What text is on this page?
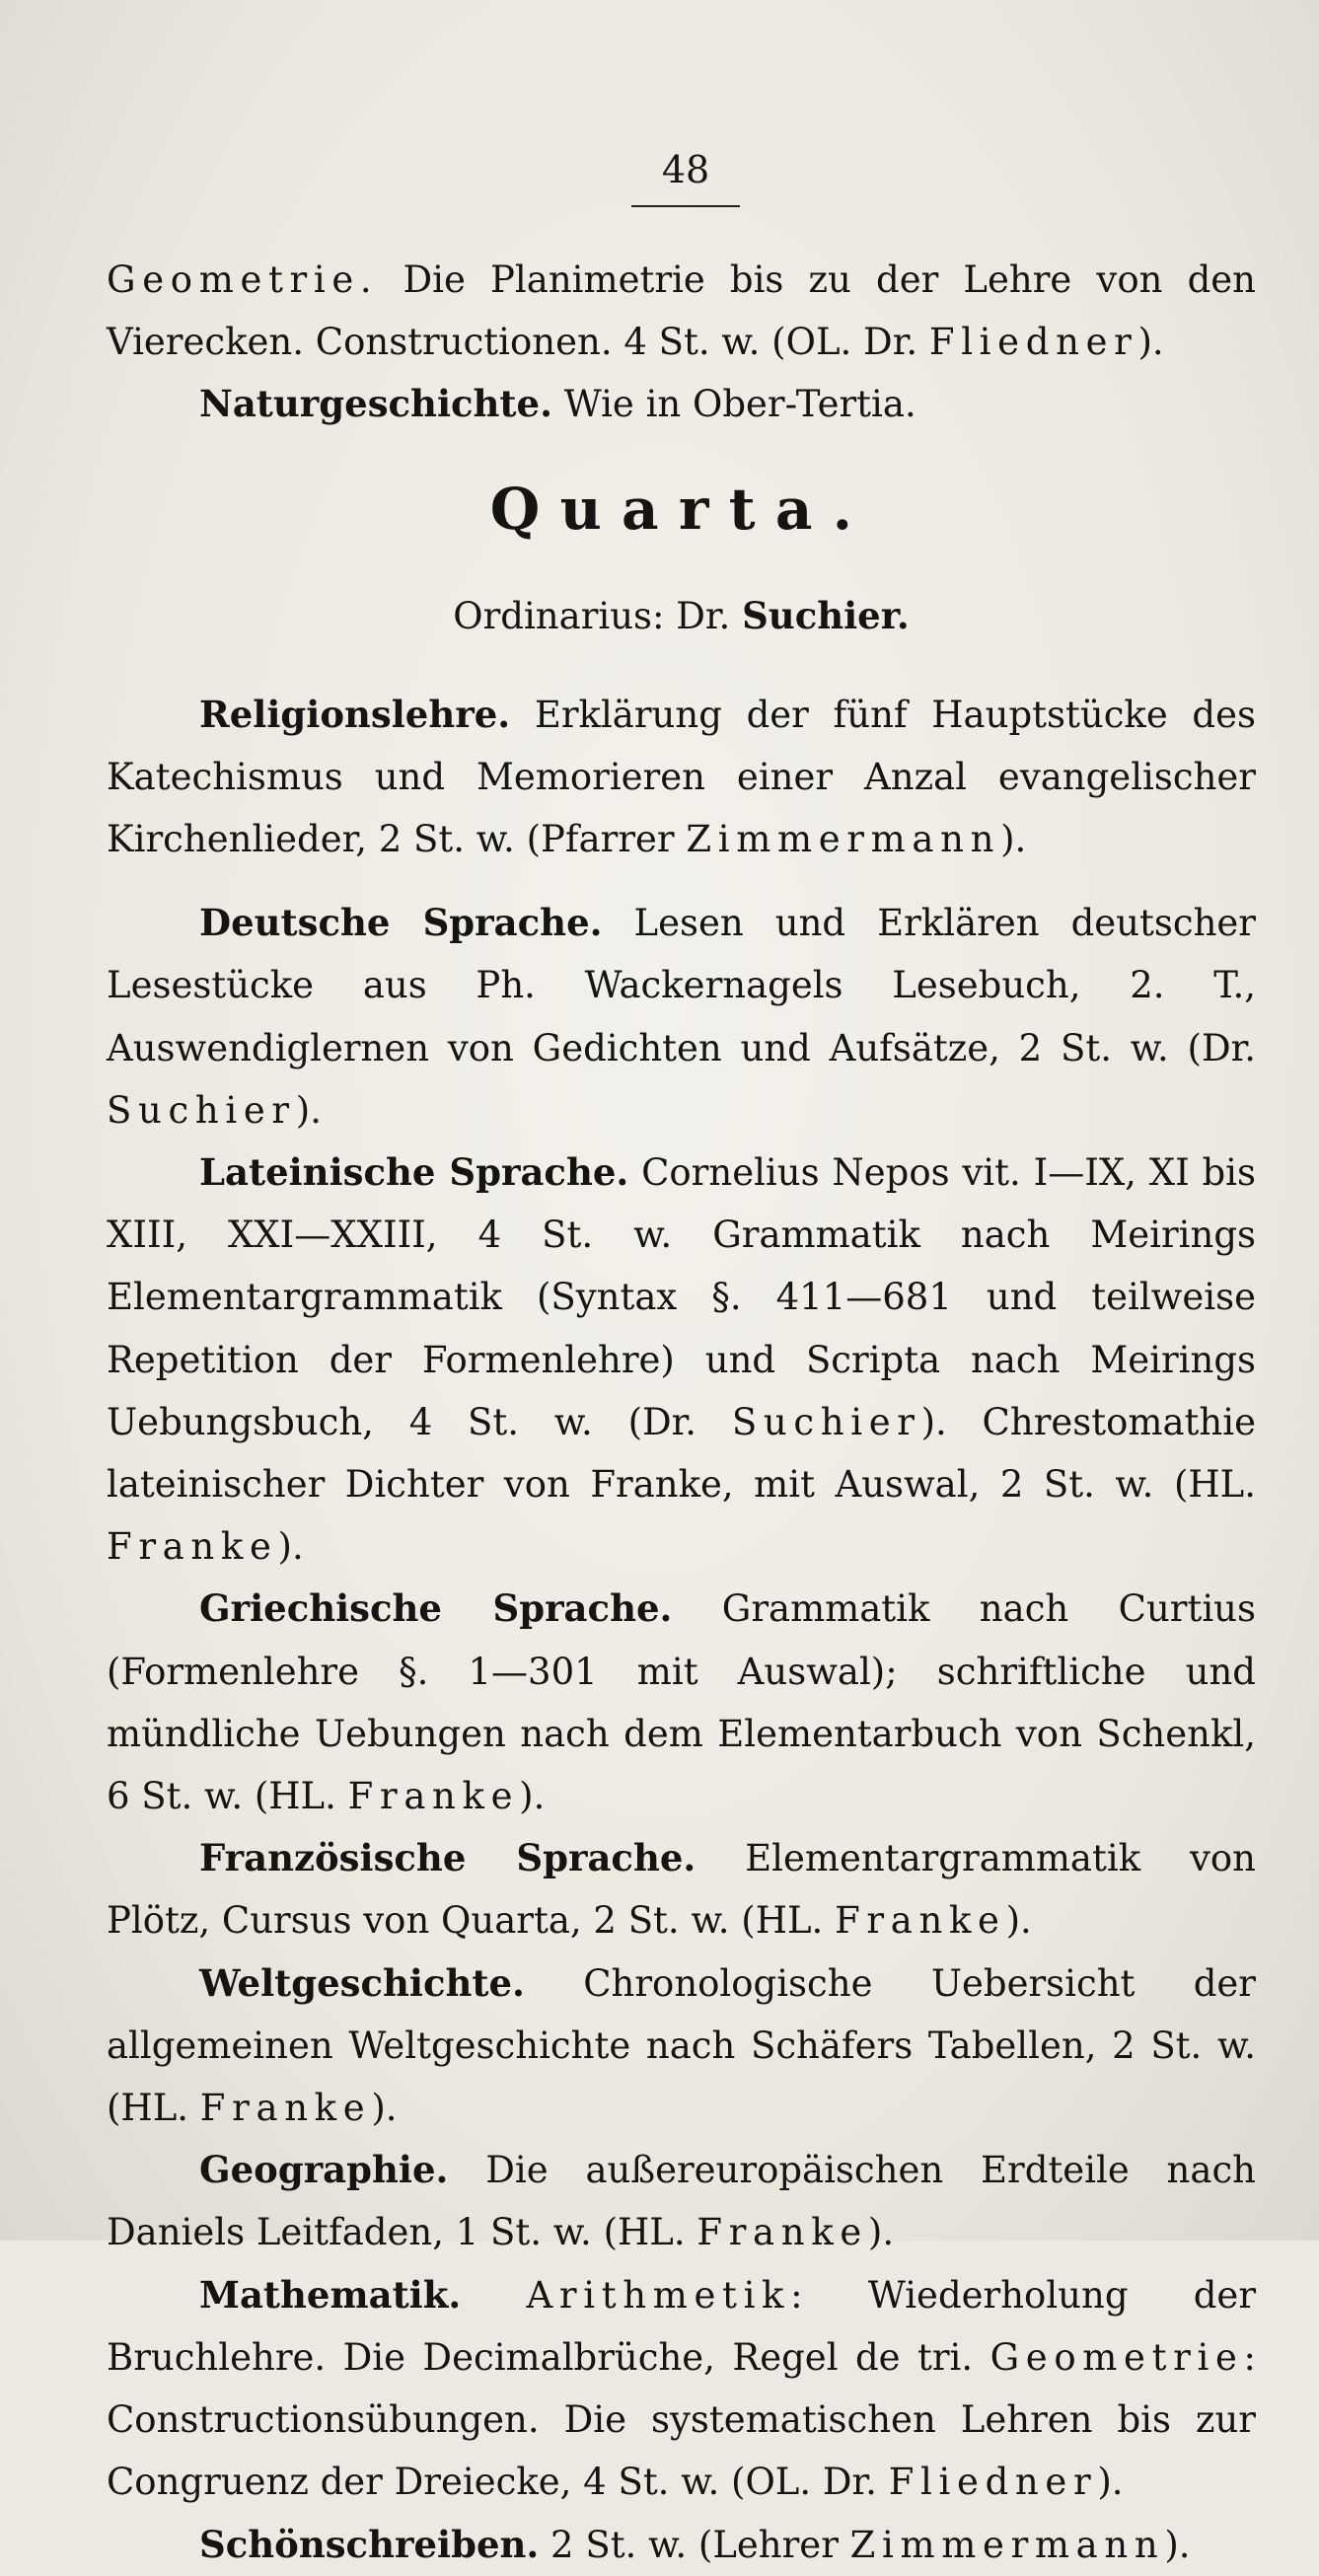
48

Geometrie. Die Planimetrie bis zu der Lehre von den Vierecken. Constructionen. 4 St. w. (OL. Dr. Fliedner).

Naturgeschichte. Wie in Ober-Tertia.

Quarta.

Ordinarius: Dr. Suchier.

Religionslehre. Erklärung der fünf Hauptstücke des Katechismus und Memorieren einer Anzal evangelischer Kirchenlieder, 2 St. w. (Pfarrer Zimmermann).

Deutsche Sprache. Lesen und Erklären deutscher Lesestücke aus Ph. Wackernagels Lesebuch, 2. T., Auswendiglernen von Gedichten und Aufsätze, 2 St. w. (Dr. Suchier).

Lateinische Sprache. Cornelius Nepos vit. I—IX, XI bis XIII, XXI—XXIII, 4 St. w. Grammatik nach Meirings Elementargrammatik (Syntax §. 411—681 und teilweise Repetition der Formenlehre) und Scripta nach Meirings Uebungsbuch, 4 St. w. (Dr. Suchier). Chrestomathie lateinischer Dichter von Franke, mit Auswal, 2 St. w. (HL. Franke).

Griechische Sprache. Grammatik nach Curtius (Formenlehre §. 1—301 mit Auswal); schriftliche und mündliche Uebungen nach dem Elementarbuch von Schenkl, 6 St. w. (HL. Franke).

Französische Sprache. Elementargrammatik von Plötz, Cursus von Quarta, 2 St. w. (HL. Franke).

Weltgeschichte. Chronologische Uebersicht der allgemeinen Weltgeschichte nach Schäfers Tabellen, 2 St. w. (HL. Franke).

Geographie. Die außereuropäischen Erdteile nach Daniels Leitfaden, 1 St. w. (HL. Franke).

Mathematik. Arithmetik: Wiederholung der Bruchlehre. Die Decimalbrüche, Regel de tri. Geometrie: Constructionsübungen. Die systematischen Lehren bis zur Congruenz der Dreiecke, 4 St. w. (OL. Dr. Fliedner).

Schönschreiben. 2 St. w. (Lehrer Zimmermann).
